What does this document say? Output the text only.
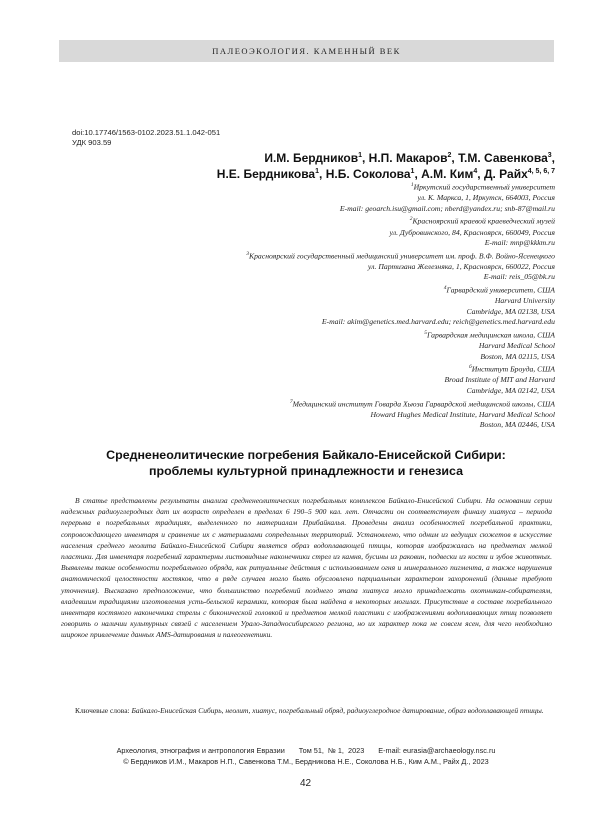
ПАЛЕОЭКОЛОГИЯ. КАМЕННЫЙ ВЕК
doi:10.17746/1563-0102.2023.51.1.042-051
УДК 903.59
И.М. Бердников$^1$, Н.П. Макаров$^2$, Т.М. Савенкова$^3$,
Н.Е. Бердникова$^1$, Н.Б. Соколова$^1$, А.М. Ким$^4$, Д. Райх$^{4, 5, 6, 7}$
$^1$Иркутский государственный университет
ул. К. Маркса, 1, Иркутск, 664003, Россия
E-mail: geoarch.isu@gmail.com; nberd@yandex.ru; snb-87@mail.ru
$^2$Красноярский краевой краеведческий музей
ул. Дубровинского, 84, Красноярск, 660049, Россия
E-mail: mnp@kkkm.ru
$^3$Красноярский государственный медицинский университет им. проф. В.Ф. Войно-Ясенецкого
ул. Партизана Железняка, 1, Красноярск, 660022, Россия
E-mail: reis_05@bk.ru
$^4$Гарвардский университет, США
Harvard University
Cambridge, MA 02138, USA
E-mail: akim@genetics.med.harvard.edu; reich@genetics.med.harvard.edu
$^5$Гарвардская медицинская школа, США
Harvard Medical School
Boston, MA 02115, USA
$^6$Институт Броуда, США
Broad Institute of MIT and Harvard
Cambridge, MA 02142, USA
$^7$Медицинский институт Говарда Хьюза Гарвардской медицинской школы, США
Howard Hughes Medical Institute, Harvard Medical School
Boston, MA 02446, USA
Средненеолитические погребения Байкало-Енисейской Сибири:
проблемы культурной принадлежности и генезиса
В статье представлены результаты анализа средненеолитических погребальных комплексов Байкало-Енисейской Сибири. На основании серии надежных радиоуглеродных дат их возраст определен в пределах 6 190–5 900 кал. лет. Отчасти он соответствует финалу хиатуса – периода перерыва в погребальных традициях, выделенного по материалам Прибайкалья. Проведены анализ особенностей погребальной практики, сопровождающего инвентаря и сравнение их с материалами сопредельных территорий. Установлено, что одним из ведущих сюжетов в искусстве населения среднего неолита Байкало-Енисейской Сибири является образ водоплавающей птицы, которая изображалась на предметах мелкой пластики. Для инвентаря погребений характерны листовидные наконечники стрел из камня, бусины из раковин, подвески из кости и зубов животных. Выявлены такие особенности погребального обряда, как ритуальные действия с использованием огня и минерального пигмента, а также нарушения анатомической целостности костяков, что в ряде случаев могло быть обусловлено парциальным характером захоронений (данные требуют уточнения). Высказано предположение, что большинство погребений позднего этапа хиатуса могло принадлежать охотникам-собирателям, владевшим традициями изготовления усть-бельской керамики, которая была найдена в некоторых могилах. Присутствие в составе погребального инвентаря костяного наконечника стрелы с биконической головкой и предметов мелкой пластики с изображениями водоплавающих птиц позволяет говорить о наличии культурных связей с населением Урало-Западносибирского региона, но их характер пока не совсем ясен, для чего необходимо широкое привлечение данных AMS-датирования и палеогенетики.
Ключевые слова: Байкало-Енисейская Сибирь, неолит, хиатус, погребальный обряд, радиоуглеродное датирование, образ водоплавающей птицы.
Археология, этнография и антропология Евразии Том 51, № 1, 2023 E-mail: eurasia@archaeology.nsc.ru
© Бердников И.М., Макаров Н.П., Савенкова Т.М., Бердникова Н.Е., Соколова Н.Б., Ким А.М., Райх Д., 2023
42
